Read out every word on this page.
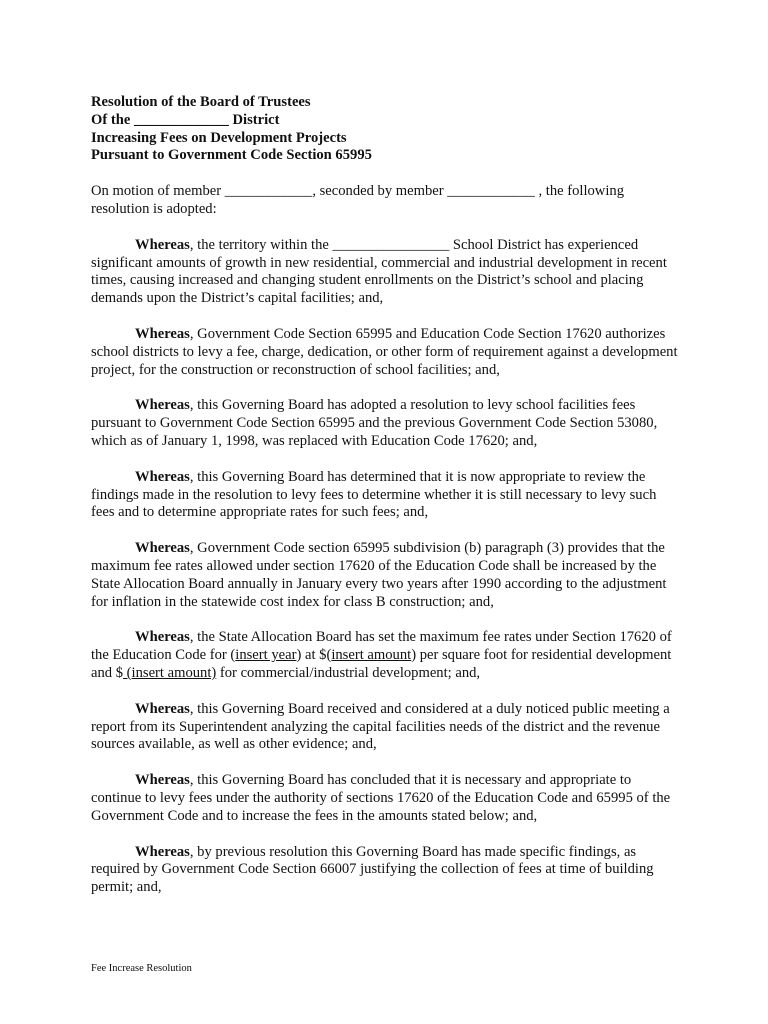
Resolution of the Board of Trustees
Of the _____________ District
Increasing Fees on Development Projects
Pursuant to Government Code Section 65995

On motion of member ____________, seconded by member ____________ , the following resolution is adopted:

Whereas, the territory within the ________________ School District has experienced significant amounts of growth in new residential, commercial and industrial development in recent times, causing increased and changing student enrollments on the District’s school and placing demands upon the District’s capital facilities; and,

Whereas, Government Code Section 65995 and Education Code Section 17620 authorizes school districts to levy a fee, charge, dedication, or other form of requirement against a development project, for the construction or reconstruction of school facilities; and,

Whereas, this Governing Board has adopted a resolution to levy school facilities fees pursuant to Government Code Section 65995 and the previous Government Code Section 53080, which as of January 1, 1998, was replaced with Education Code 17620; and,

Whereas, this Governing Board has determined that it is now appropriate to review the findings made in the resolution to levy fees to determine whether it is still necessary to levy such fees and to determine appropriate rates for such fees; and,

Whereas, Government Code section 65995 subdivision (b) paragraph (3) provides that the maximum fee rates allowed under section 17620 of the Education Code shall be increased by the State Allocation Board annually in January every two years after 1990 according to the adjustment for inflation in the statewide cost index for class B construction; and,

Whereas, the State Allocation Board has set the maximum fee rates under Section 17620 of the Education Code for (insert year) at $(insert amount) per square foot for residential development and $ (insert amount) for commercial/industrial development; and,

Whereas, this Governing Board received and considered at a duly noticed public meeting a report from its Superintendent analyzing the capital facilities needs of the district and the revenue sources available, as well as other evidence; and,

Whereas, this Governing Board has concluded that it is necessary and appropriate to continue to levy fees under the authority of sections 17620 of the Education Code and 65995 of the Government Code and to increase the fees in the amounts stated below; and,

Whereas, by previous resolution this Governing Board has made specific findings, as required by Government Code Section 66007 justifying the collection of fees at time of building permit; and,

Fee Increase Resolution
